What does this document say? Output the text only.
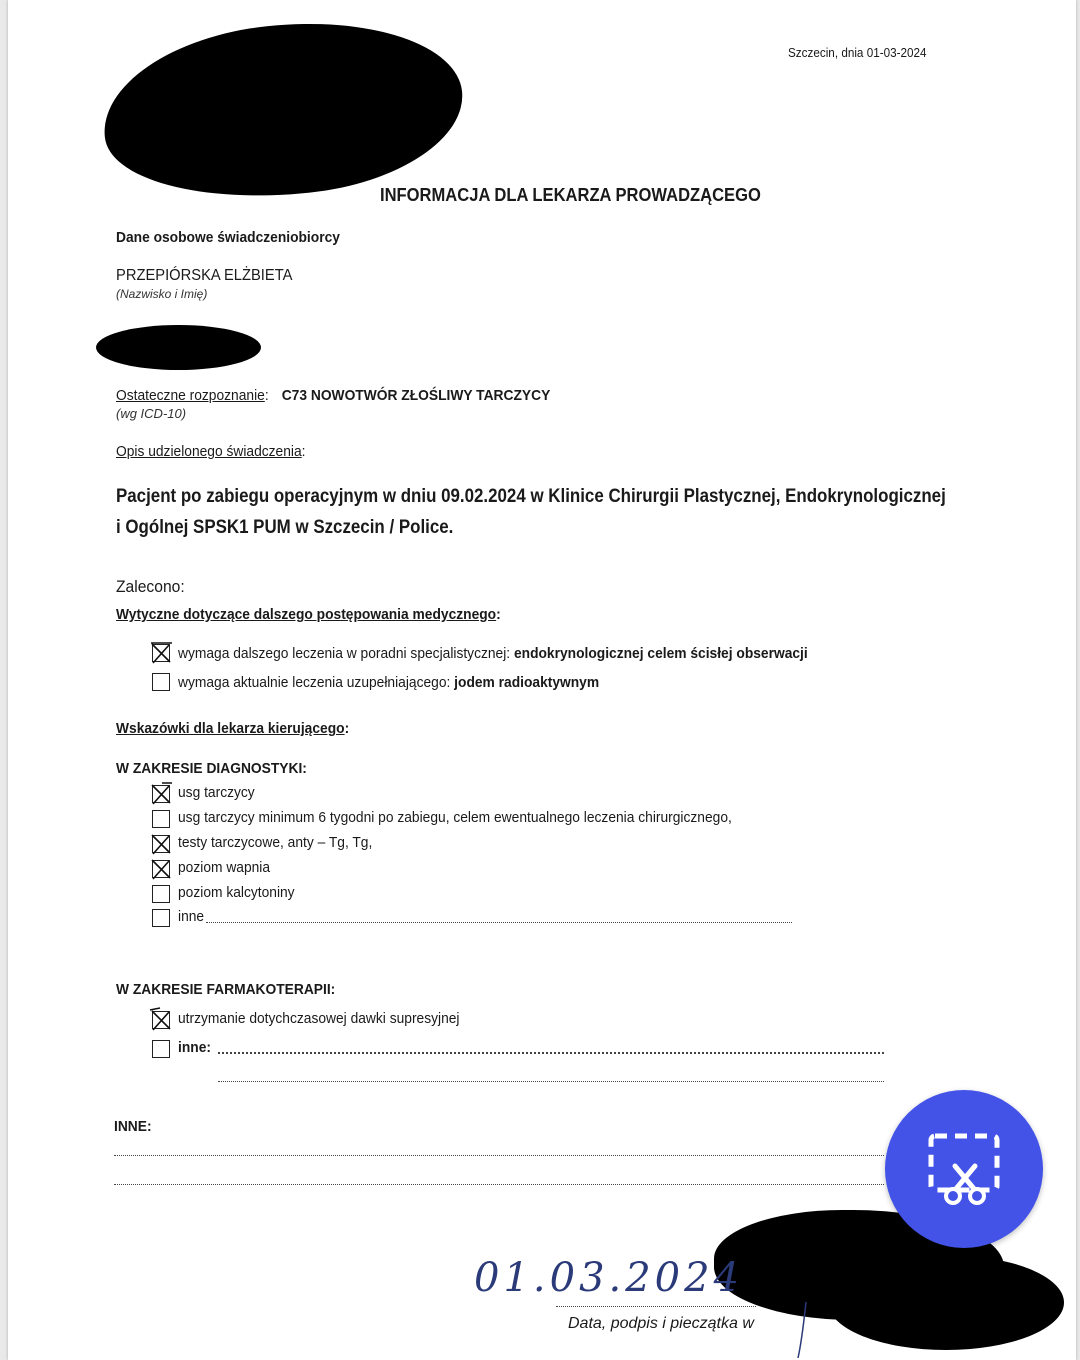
Szczecin, dnia 01-03-2024
INFORMACJA DLA LEKARZA PROWADZĄCEGO
Dane osobowe świadczeniobiorcy
PRZEPIÓRSKA ELŻBIETA
(Nazwisko i Imię)
Ostateczne rozpoznanie: C73 NOWOTWÓR ZŁOŚLIWY TARCZYCY
(wg ICD-10)
Opis udzielonego świadczenia:
Pacjent po zabiegu operacyjnym w dniu 09.02.2024 w Klinice Chirurgii Plastycznej, Endokrynologicznej
i Ogólnej SPSK1 PUM w Szczecin / Police.
Zalecono:
Wytyczne dotyczące dalszego postępowania medycznego:
wymaga dalszego leczenia w poradni specjalistycznej: endokrynologicznej celem ścisłej obserwacji
wymaga aktualnie leczenia uzupełniającego: jodem radioaktywnym
Wskazówki dla lekarza kierującego:
W ZAKRESIE DIAGNOSTYKI:
usg tarczycy
usg tarczycy minimum 6 tygodni po zabiegu, celem ewentualnego leczenia chirurgicznego,
testy tarczycowe, anty – Tg, Tg,
poziom wapnia
poziom kalcytoniny
inne
W ZAKRESIE FARMAKOTERAPII:
utrzymanie dotychczasowej dawki supresyjnej
inne:
INNE:
01.03.2024
Data, podpis i pieczątka w
